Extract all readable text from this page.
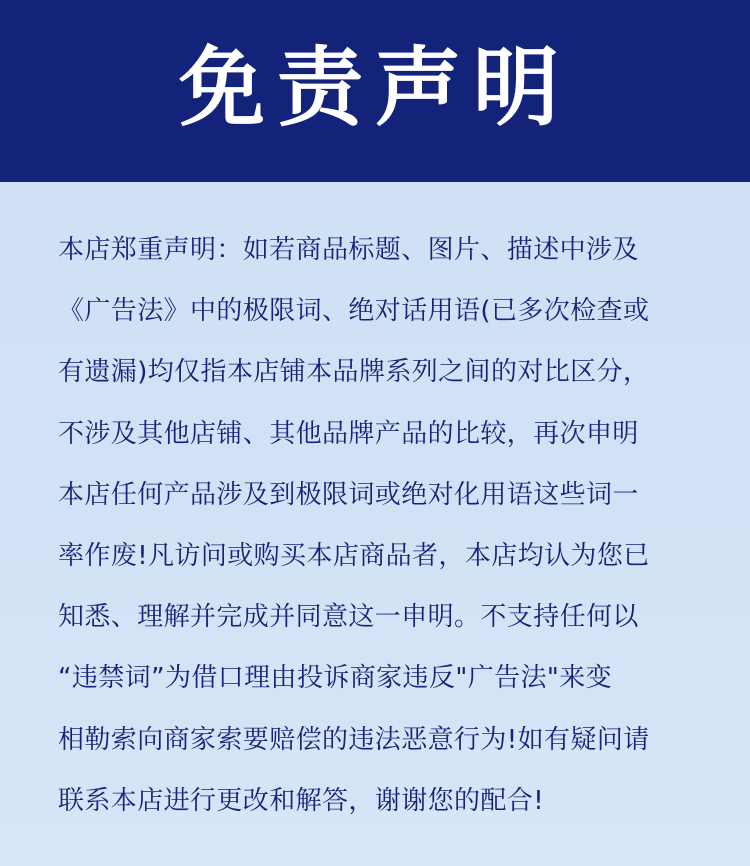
免责声明
本店郑重声明：如若商品标题、图片、描述中涉及
《广告法》中的极限词、绝对话用语(已多次检查或
有遗漏)均仅指本店铺本品牌系列之间的对比区分，
不涉及其他店铺、其他品牌产品的比较，再次申明
本店任何产品涉及到极限词或绝对化用语这些词一
率作废!凡访问或购买本店商品者，本店均认为您已
知悉、理解并完成并同意这一申明。不支持任何以
“违禁词”为借口理由投诉商家违反"广告法"来变
相勒索向商家索要赔偿的违法恶意行为!如有疑问请
联系本店进行更改和解答，谢谢您的配合!
